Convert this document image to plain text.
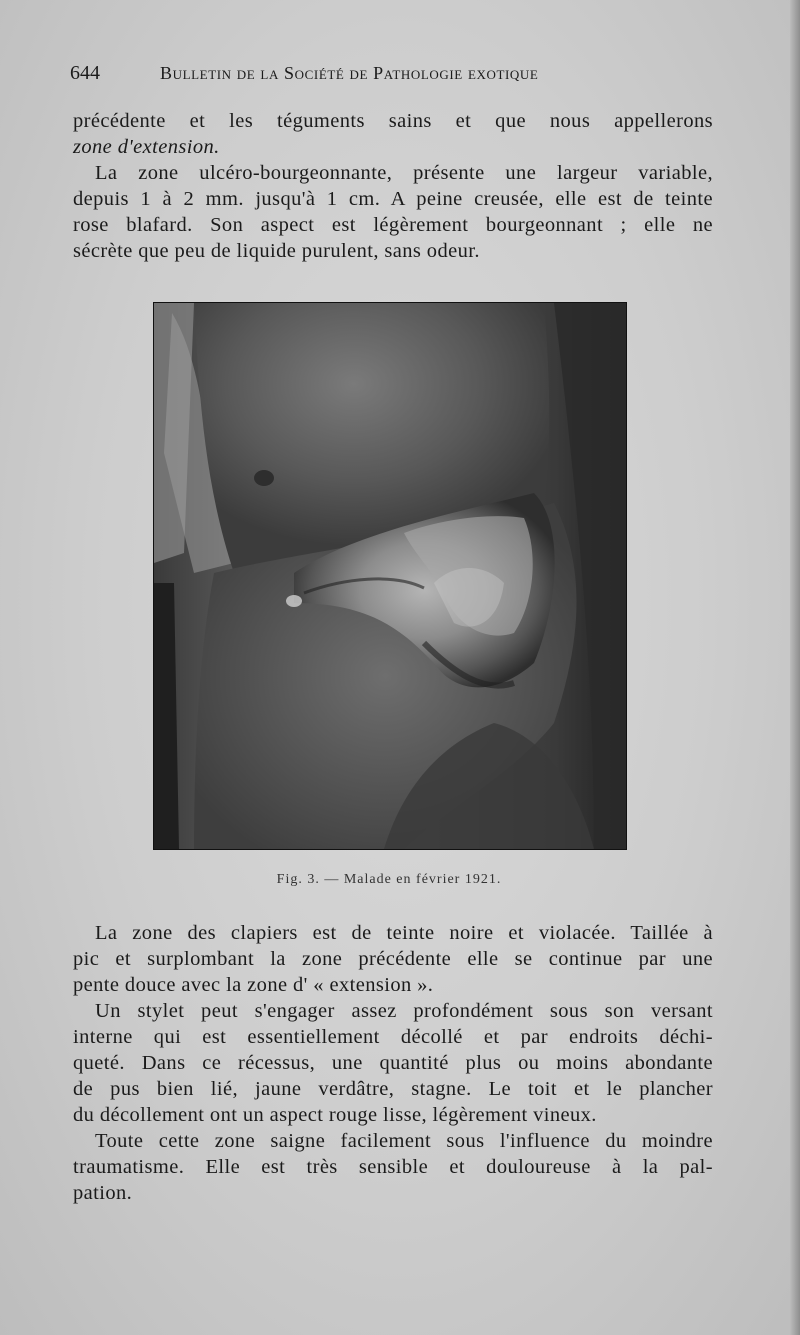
644	Bulletin de la Société de Pathologie exotique

précédente et les téguments sains et que nous appellerons
zone d'extension.

La zone ulcéro-bourgeonnante, présente une largeur variable,
depuis 1 à 2 mm. jusqu'à 1 cm. A peine creusée, elle est de teinte
rose blafard. Son aspect est légèrement bourgeonnant ; elle ne
sécrète que peu de liquide purulent, sans odeur.

Fig. 3. — Malade en février 1921.

La zone des clapiers est de teinte noire et violacée. Taillée à
pic et surplombant la zone précédente elle se continue par une
pente douce avec la zone d' « extension ».

Un stylet peut s'engager assez profondément sous son versant
interne qui est essentiellement décollé et par endroits déchi-
queté. Dans ce récessus, une quantité plus ou moins abondante
de pus bien lié, jaune verdâtre, stagne. Le toit et le plancher
du décollement ont un aspect rouge lisse, légèrement vineux.

Toute cette zone saigne facilement sous l'influence du moindre
traumatisme. Elle est très sensible et douloureuse à la pal-
pation.
